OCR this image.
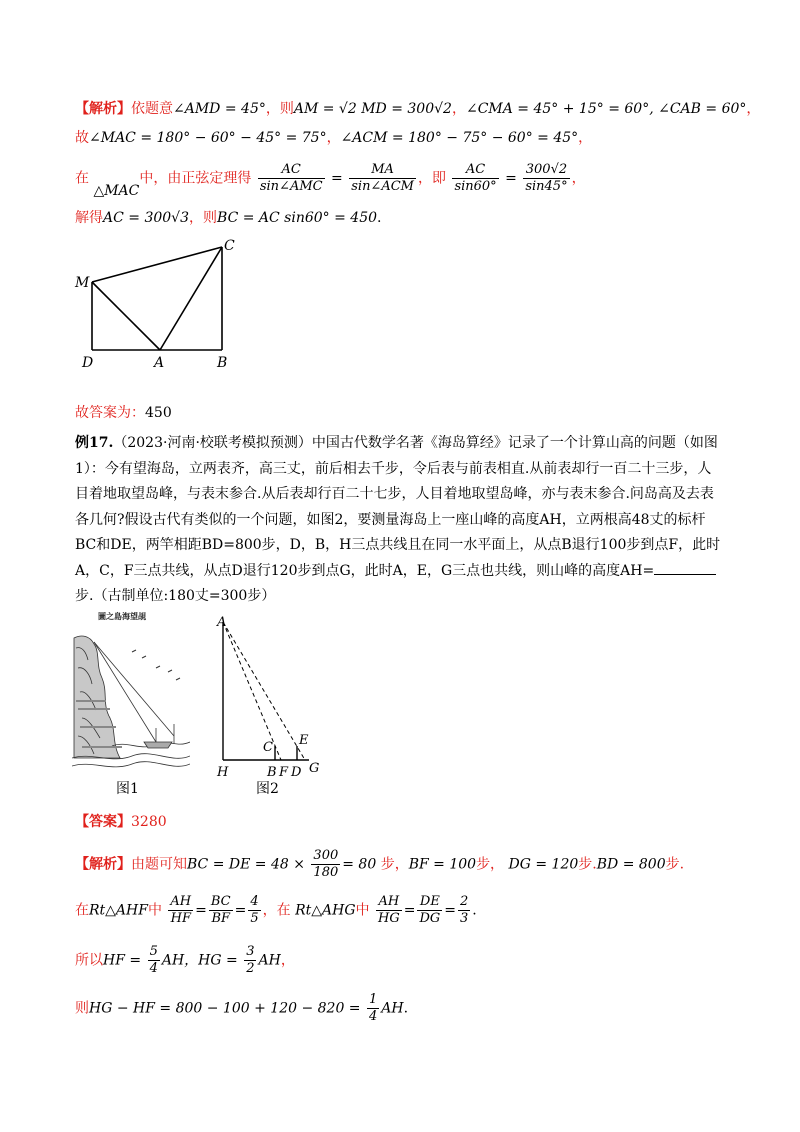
【解析】依题意∠AMD = 45°，则AM = √2 MD = 300√2，∠CMA = 45° + 15° = 60°, ∠CAB = 60°，
故∠MAC = 180° − 60° − 45° = 75°，∠ACM = 180° − 75° − 60° = 45°，
在 △MAC中，由正弦定理得 $\frac{AC}{\text{sin∠AMC}} = \frac{MA}{\text{sin∠ACM}}$ ，即 $\frac{AC}{\sin 60^\circ} = \frac{300√2}{\sin 45^\circ}$ ，
解得AC = 300√3，则BC = AC sin60° = 450.
M
C
D	A	B
故答案为：450
例17.（2023·河南·校联考模拟预测）中国古代数学名著《海岛算经》记录了一个计算山高的问题（如图
1）：今有望海岛，立两表齐，高三丈，前后相去千步，令后表与前表相直.从前表却行一百二十三步，人
目着地取望岛峰，与表末参合.从后表却行百二十七步，人目着地取望岛峰，亦与表末参合.问岛高及去表
各几何?假设古代有类似的一个问题，如图2，要测量海岛上一座山峰的高度AH，立两根高48丈的标杆
BC和DE，两竿相距BD=800步，D，B，H三点共线且在同一水平面上，从点B退行100步到点F，此时
A，C，F三点共线，从点D退行120步到点G，此时A，E，G三点也共线，则山峰的高度AH=
步.（古制单位:180丈=300步）
圖之島海望覘
图1
A
C E
H	B F D G
图2
【答案】3280
【解析】由题可知BC = DE = $48 \times \frac{300}{180} = 80$ 步，BF = 100步， DG = 120步.BD = 800步.
在Rt△AHF中 $\frac{AH}{HF} = \frac{BC}{BF} = \frac{4}{5}$ ，在 Rt△AHG中 $\frac{AH}{HG} = \frac{DE}{DG} = \frac{2}{3}$ .
所以HF = $\frac{5}{4}$ AH，HG = $\frac{3}{2}$ AH，
则HG − HF = $800 - 100 + 120 - 820 = \frac{1}{4}$ AH.
